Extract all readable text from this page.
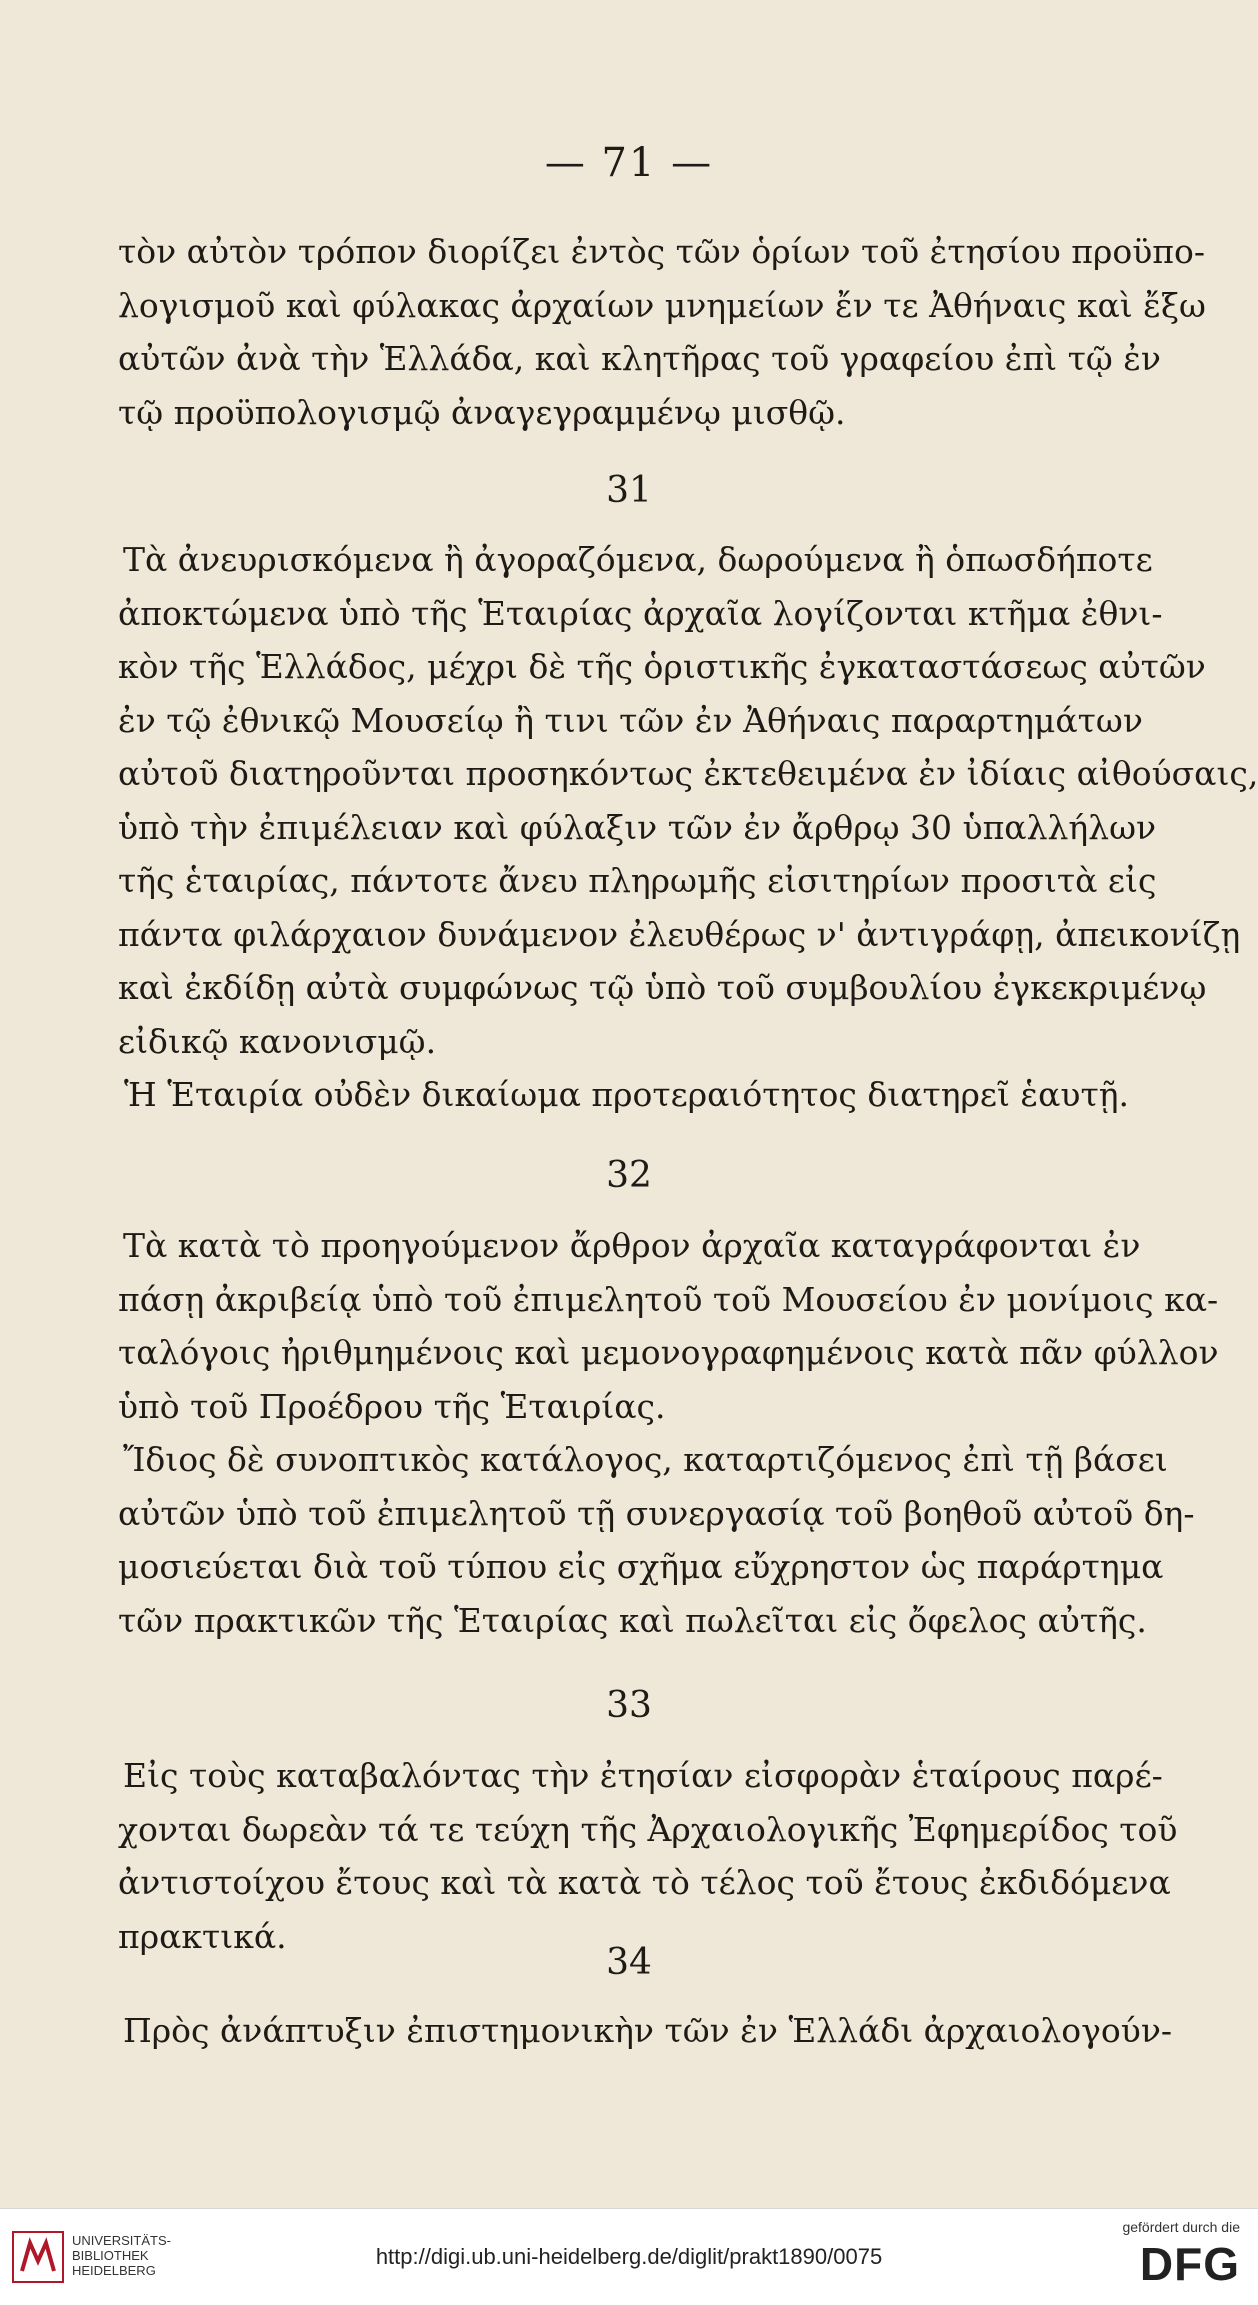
— 71 —
τὸν αὐτὸν τρόπον διορίζει ἐντὸς τῶν ὁρίων τοῦ ἐτησίου προϋπο-
λογισμοῦ καὶ φύλακας ἀρχαίων μνημείων ἔν τε Ἀθήναις καὶ ἔξω
αὐτῶν ἀνὰ τὴν Ἑλλάδα, καὶ κλητῆρας τοῦ γραφείου ἐπὶ τῷ ἐν
τῷ προϋπολογισμῷ ἀναγεγραμμένῳ μισθῷ.
31
Τὰ ἀνευρισκόμενα ἢ ἀγοραζόμενα, δωρούμενα ἢ ὁπωσδήποτε
ἀποκτώμενα ὑπὸ τῆς Ἑταιρίας ἀρχαῖα λογίζονται κτῆμα ἐθνι-
κὸν τῆς Ἑλλάδος, μέχρι δὲ τῆς ὁριστικῆς ἐγκαταστάσεως αὐτῶν
ἐν τῷ ἐθνικῷ Μουσείῳ ἢ τινι τῶν ἐν Ἀθήναις παραρτημάτων
αὐτοῦ διατηροῦνται προσηκόντως ἐκτεθειμένα ἐν ἰδίαις αἰθούσαις,
ὑπὸ τὴν ἐπιμέλειαν καὶ φύλαξιν τῶν ἐν ἄρθρῳ 30 ὑπαλλήλων
τῆς ἑταιρίας, πάντοτε ἄνευ πληρωμῆς εἰσιτηρίων προσιτὰ εἰς
πάντα φιλάρχαιον δυνάμενον ἐλευθέρως ν' ἀντιγράφῃ, ἀπεικονίζῃ
καὶ ἐκδίδῃ αὐτὰ συμφώνως τῷ ὑπὸ τοῦ συμβουλίου ἐγκεκριμένῳ
εἰδικῷ κανονισμῷ.
Ἡ Ἑταιρία οὐδὲν δικαίωμα προτεραιότητος διατηρεῖ ἑαυτῇ.
32
Τὰ κατὰ τὸ προηγούμενον ἄρθρον ἀρχαῖα καταγράφονται ἐν
πάσῃ ἀκριβείᾳ ὑπὸ τοῦ ἐπιμελητοῦ τοῦ Μουσείου ἐν μονίμοις κα-
ταλόγοις ἠριθμημένοις καὶ μεμονογραφημένοις κατὰ πᾶν φύλλον
ὑπὸ τοῦ Προέδρου τῆς Ἑταιρίας.
Ἴδιος δὲ συνοπτικὸς κατάλογος, καταρτιζόμενος ἐπὶ τῇ βάσει
αὐτῶν ὑπὸ τοῦ ἐπιμελητοῦ τῇ συνεργασίᾳ τοῦ βοηθοῦ αὐτοῦ δη-
μοσιεύεται διὰ τοῦ τύπου εἰς σχῆμα εὔχρηστον ὡς παράρτημα
τῶν πρακτικῶν τῆς Ἑταιρίας καὶ πωλεῖται εἰς ὄφελος αὐτῆς.
33
Εἰς τοὺς καταβαλόντας τὴν ἐτησίαν εἰσφορὰν ἑταίρους παρέ-
χονται δωρεὰν τά τε τεύχη τῆς Ἀρχαιολογικῆς Ἐφημερίδος τοῦ
ἀντιστοίχου ἔτους καὶ τὰ κατὰ τὸ τέλος τοῦ ἔτους ἐκδιδόμενα
πρακτικά.
34
Πρὸς ἀνάπτυξιν ἐπιστημονικὴν τῶν ἐν Ἑλλάδι ἀρχαιολογούν-
UNIVERSITÄTS-
BIBLIOTHEK
HEIDELBERG
http://digi.ub.uni-heidelberg.de/diglit/prakt1890/0075
gefördert durch die
DFG
